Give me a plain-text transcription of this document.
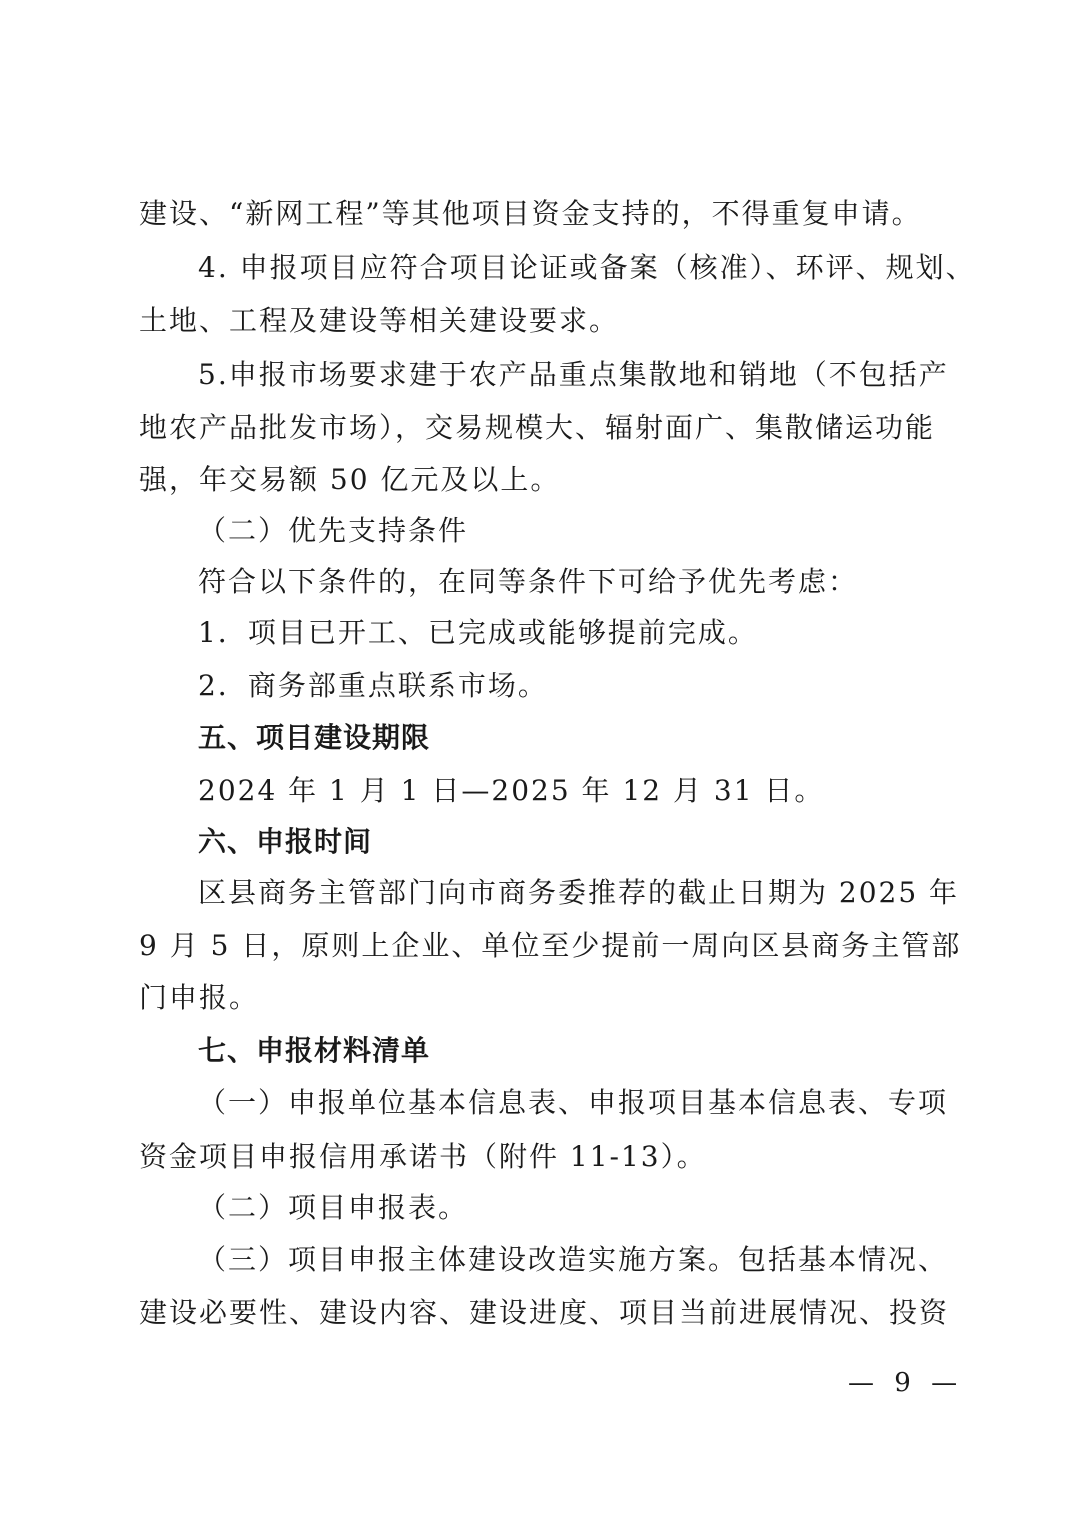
建设、“新网工程”等其他项目资金支持的，不得重复申请。
4. 申报项目应符合项目论证或备案（核准）、环评、规划、
土地、工程及建设等相关建设要求。
5.申报市场要求建于农产品重点集散地和销地（不包括产
地农产品批发市场），交易规模大、辐射面广、集散储运功能
强，年交易额 50 亿元及以上。
（二）优先支持条件
符合以下条件的，在同等条件下可给予优先考虑：
1．项目已开工、已完成或能够提前完成。
2．商务部重点联系市场。
五、项目建设期限
2024 年 1 月 1 日—2025 年 12 月 31 日。
六、申报时间
区县商务主管部门向市商务委推荐的截止日期为 2025 年
9 月 5 日，原则上企业、单位至少提前一周向区县商务主管部
门申报。
七、申报材料清单
（一）申报单位基本信息表、申报项目基本信息表、专项
资金项目申报信用承诺书（附件 11-13）。
（二）项目申报表。
（三）项目申报主体建设改造实施方案。包括基本情况、
建设必要性、建设内容、建设进度、项目当前进展情况、投资
— 9 —
